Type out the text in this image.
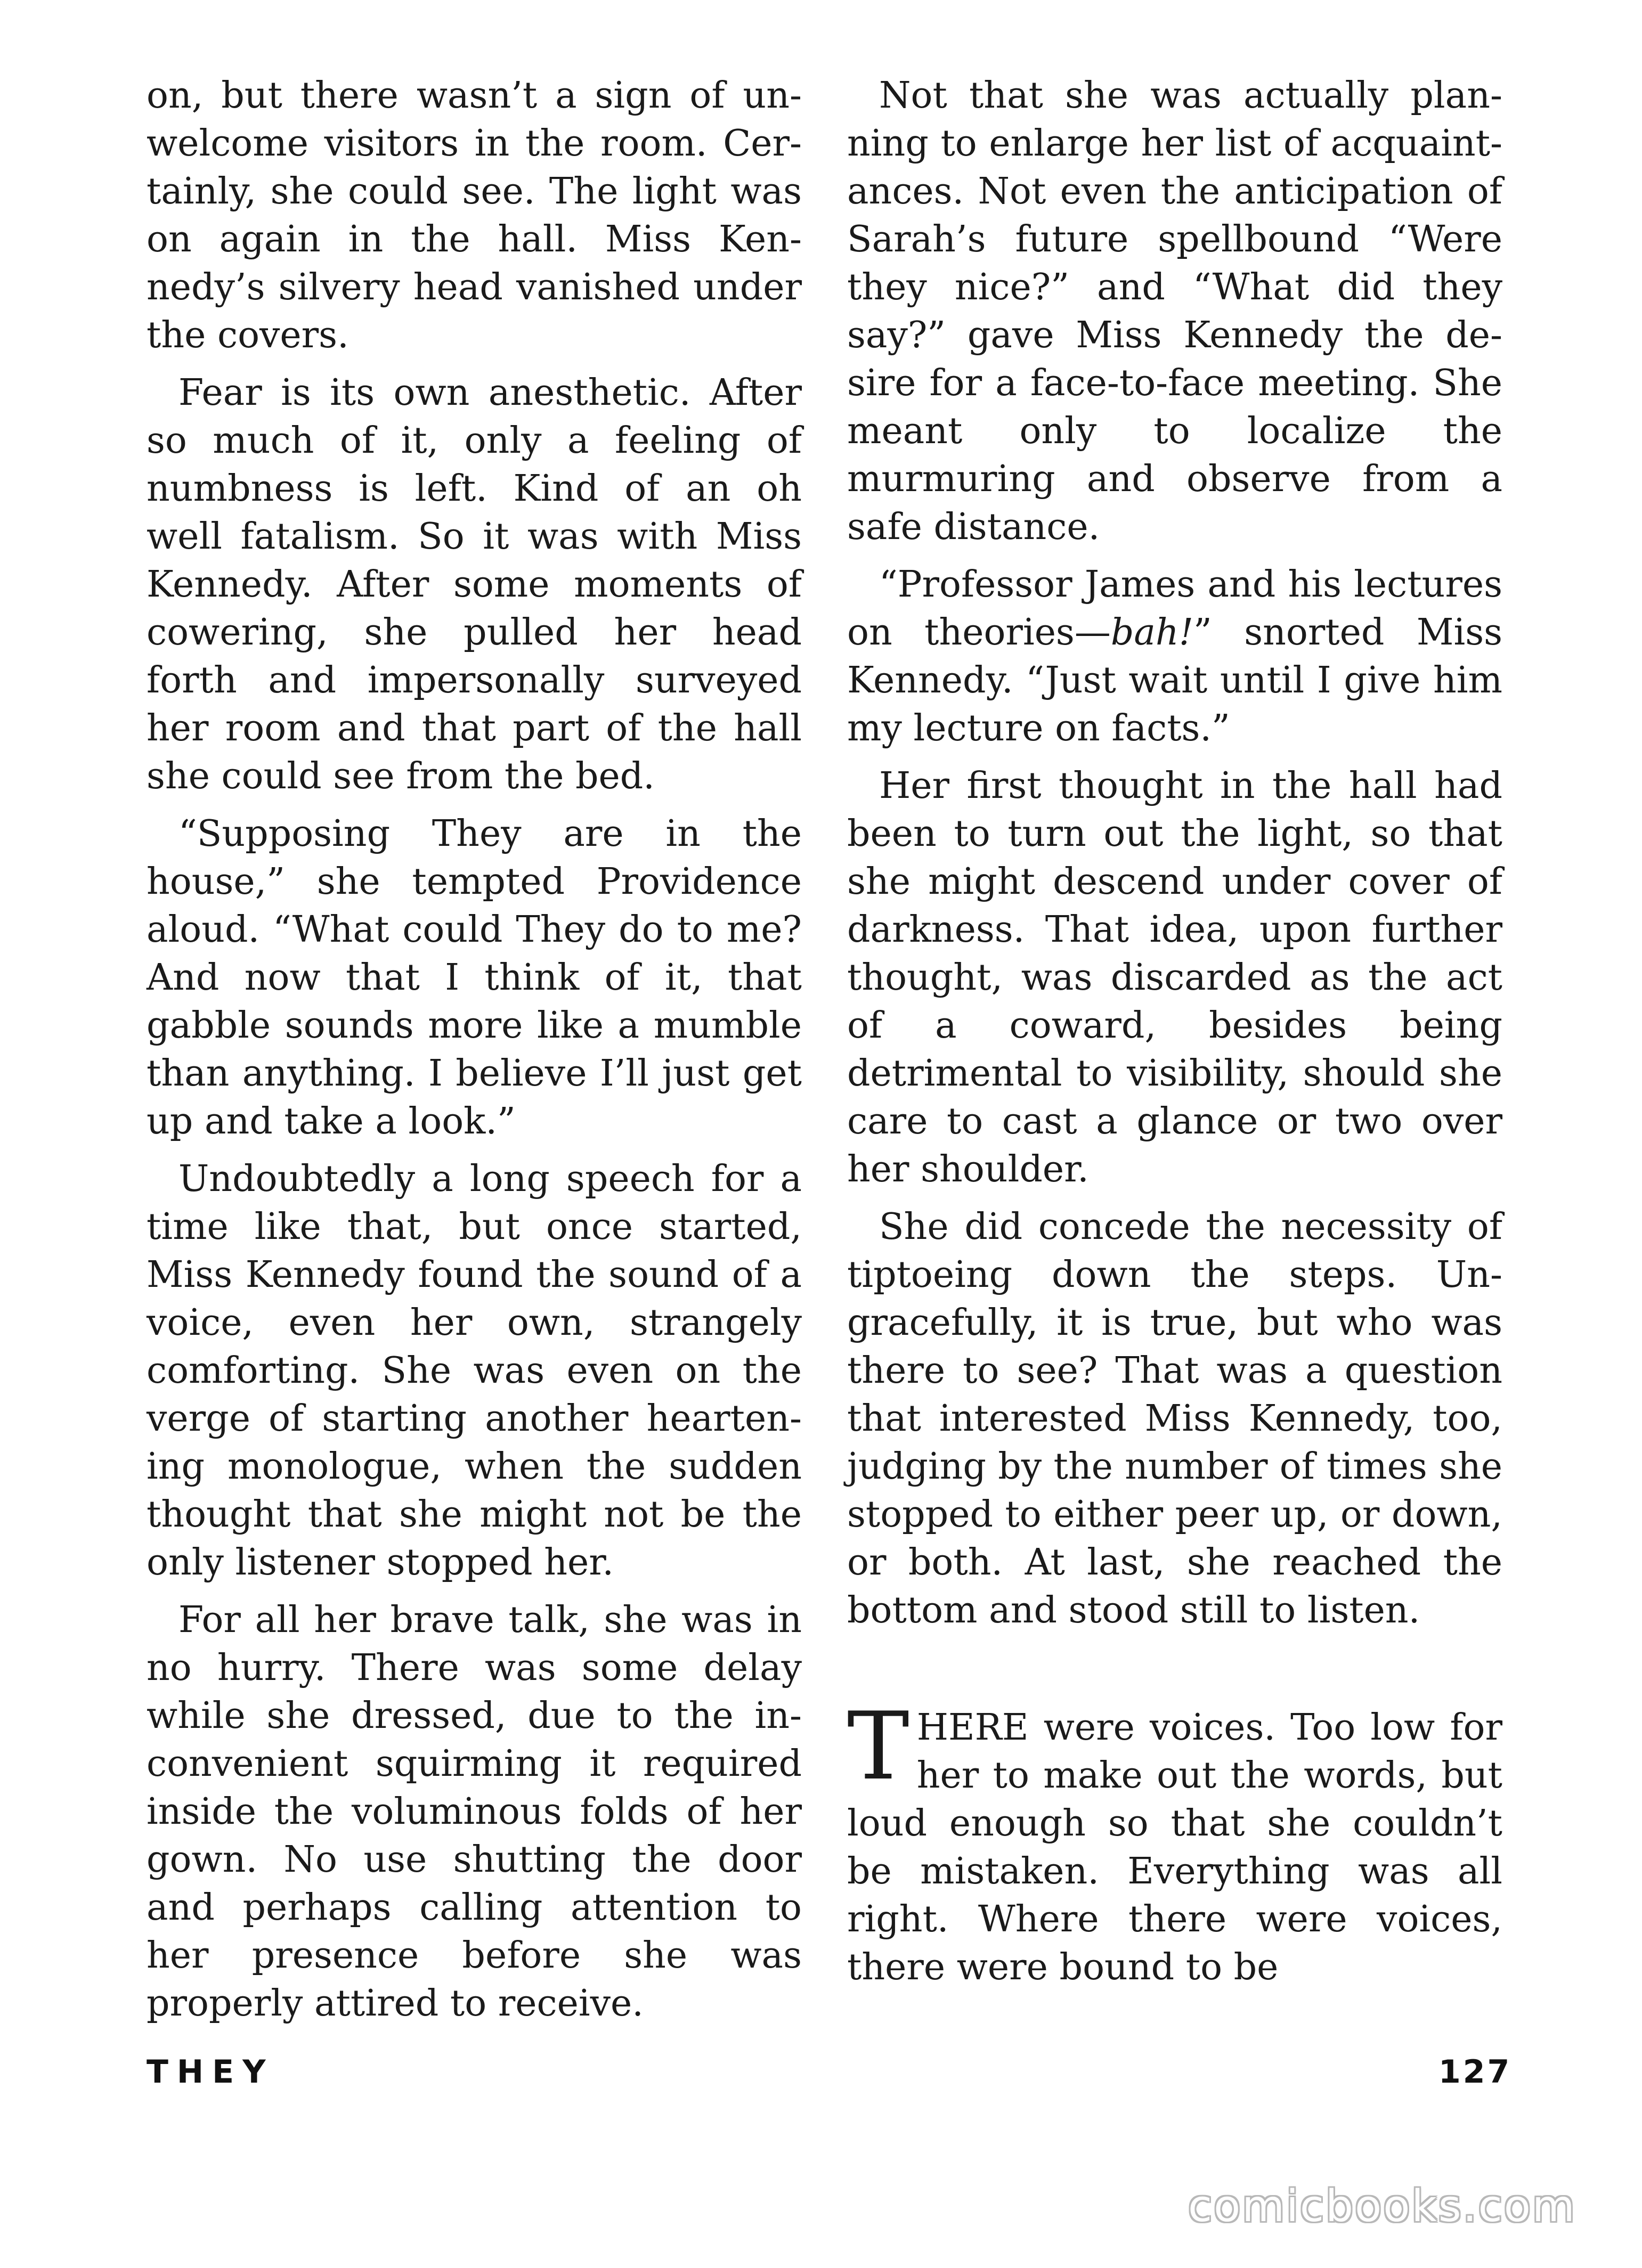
on, but there wasn’t a sign of unwelcome visitors in the room. Certainly, she could see. The light was on again in the hall. Miss Kennedy’s silvery head vanished under the covers.

Fear is its own anesthetic. After so much of it, only a feeling of numbness is left. Kind of an oh well fatalism. So it was with Miss Kennedy. After some moments of cowering, she pulled her head forth and impersonally surveyed her room and that part of the hall she could see from the bed.

“Supposing They are in the house,” she tempted Providence aloud. “What could They do to me? And now that I think of it, that gabble sounds more like a mumble than anything. I believe I’ll just get up and take a look.”

Undoubtedly a long speech for a time like that, but once started, Miss Kennedy found the sound of a voice, even her own, strangely comforting. She was even on the verge of starting another heartening monologue, when the sudden thought that she might not be the only listener stopped her.

For all her brave talk, she was in no hurry. There was some delay while she dressed, due to the inconvenient squirming it required inside the voluminous folds of her gown. No use shutting the door and perhaps calling attention to her presence before she was properly attired to receive.

Not that she was actually planning to enlarge her list of acquaintances. Not even the anticipation of Sarah’s future spellbound “Were they nice?” and “What did they say?” gave Miss Kennedy the desire for a face-to-face meeting. She meant only to localize the murmuring and observe from a safe distance.

“Professor James and his lectures on theories—bah!” snorted Miss Kennedy. “Just wait until I give him my lecture on facts.”

Her first thought in the hall had been to turn out the light, so that she might descend under cover of darkness. That idea, upon further thought, was discarded as the act of a coward, besides being detrimental to visibility, should she care to cast a glance or two over her shoulder.

She did concede the necessity of tiptoeing down the steps. Ungracefully, it is true, but who was there to see? That was a question that interested Miss Kennedy, too, judging by the number of times she stopped to either peer up, or down, or both. At last, she reached the bottom and stood still to listen.

THERE were voices. Too low for her to make out the words, but loud enough so that she couldn’t be mistaken. Everything was all right. Where there were voices, there were bound to be

THEY	127
comicbooks.com
